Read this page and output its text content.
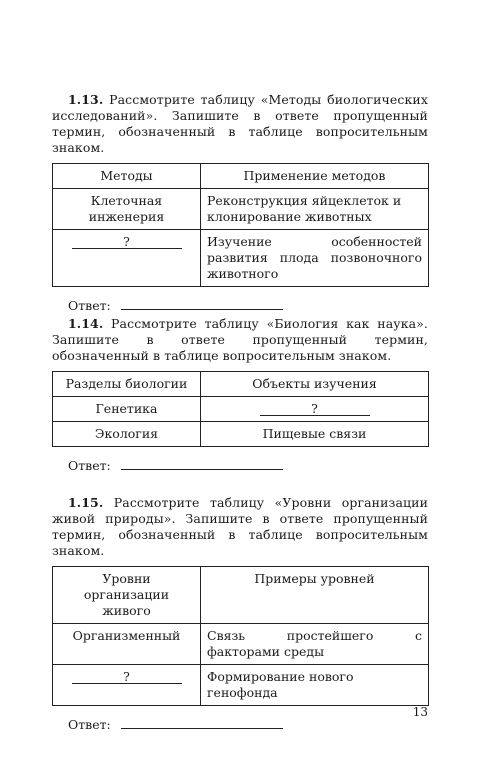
1.13. Рассмотрите таблицу «Методы биологических исследований». Запишите в ответе пропущенный термин, обозначенный в таблице вопросительным знаком.

Методы	Применение методов
Клеточная инженерия	Реконструкция яйцеклеток и клонирование животных
?	Изучение особенностей развития плода позвоночного животного
Ответ:

1.14. Рассмотрите таблицу «Биология как наука». Запишите в ответе пропущенный термин, обозначенный в таблице вопросительным знаком.

Разделы биологии	Объекты изучения
Генетика	?
Экология	Пищевые связи
Ответ:

1.15. Рассмотрите таблицу «Уровни организации живой природы». Запишите в ответе пропущенный термин, обозначенный в таблице вопросительным знаком.

Уровни организации живого	Примеры уровней
Организменный	Связь простейшего с факторами среды
?	Формирование нового генофонда
Ответ:
13
